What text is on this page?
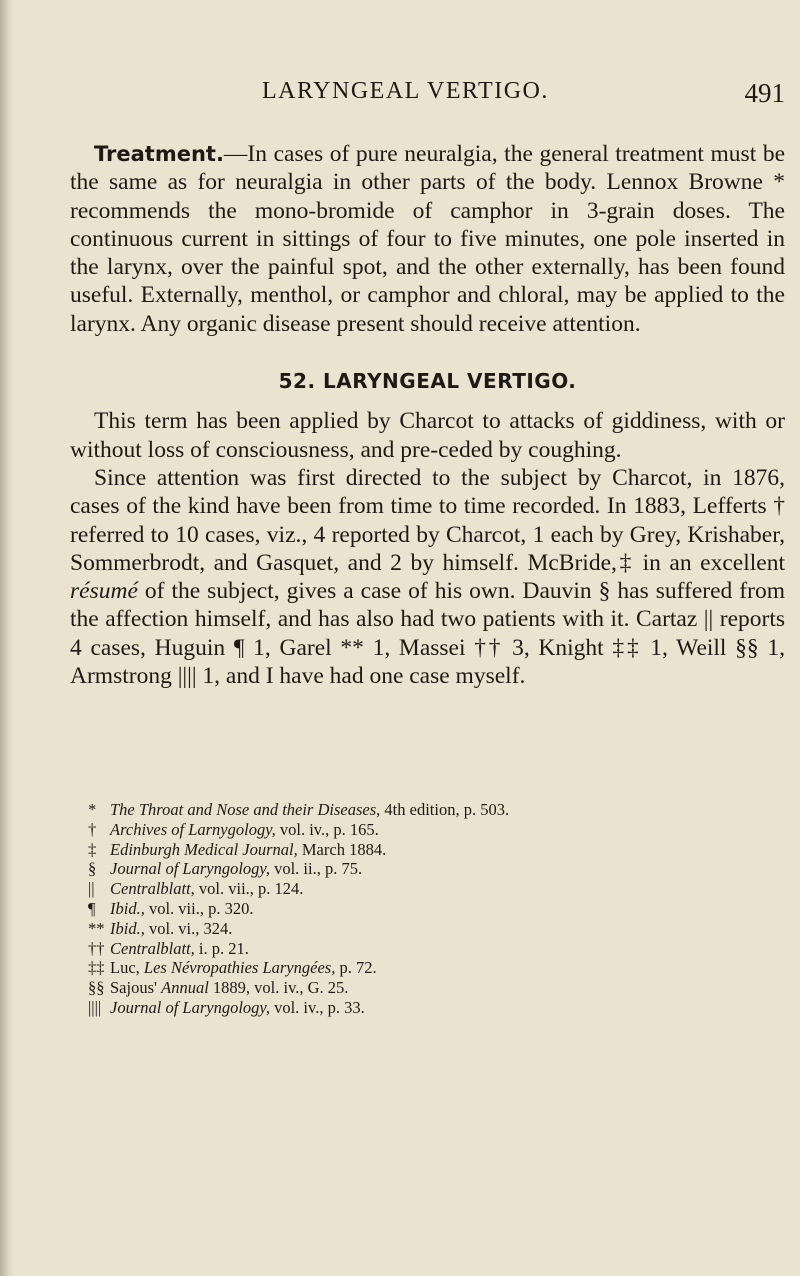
LARYNGEAL VERTIGO.	491

Treatment.—In cases of pure neuralgia, the general treatment must be the same as for neuralgia in other parts of the body. Lennox Browne * recommends the mono-bromide of camphor in 3-grain doses. The continuous current in sittings of four to five minutes, one pole inserted in the larynx, over the painful spot, and the other externally, has been found useful. Externally, menthol, or camphor and chloral, may be applied to the larynx. Any organic disease present should receive attention.

52. LARYNGEAL VERTIGO.

This term has been applied by Charcot to attacks of giddiness, with or without loss of consciousness, and pre-ceded by coughing.

Since attention was first directed to the subject by Charcot, in 1876, cases of the kind have been from time to time recorded. In 1883, Lefferts † referred to 10 cases, viz., 4 reported by Charcot, 1 each by Grey, Krishaber, Sommerbrodt, and Gasquet, and 2 by himself. McBride,‡ in an excellent résumé of the subject, gives a case of his own. Dauvin § has suffered from the affection himself, and has also had two patients with it. Cartaz || reports 4 cases, Huguin ¶ 1, Garel ** 1, Massei †† 3, Knight ‡‡ 1, Weill §§ 1, Armstrong |||| 1, and I have had one case myself.

* The Throat and Nose and their Diseases, 4th edition, p. 503.

† Archives of Larnygology, vol. iv., p. 165.

‡ Edinburgh Medical Journal, March 1884.

§ Journal of Laryngology, vol. ii., p. 75.

|| Centralblatt, vol. vii., p. 124.

¶ Ibid., vol. vii., p. 320.

** Ibid., vol. vi., 324.

†† Centralblatt, i. p. 21.

‡‡ Luc, Les Névropathies Laryngées, p. 72.

§§ Sajous' Annual 1889, vol. iv., G. 25.

|||| Journal of Laryngology, vol. iv., p. 33.
